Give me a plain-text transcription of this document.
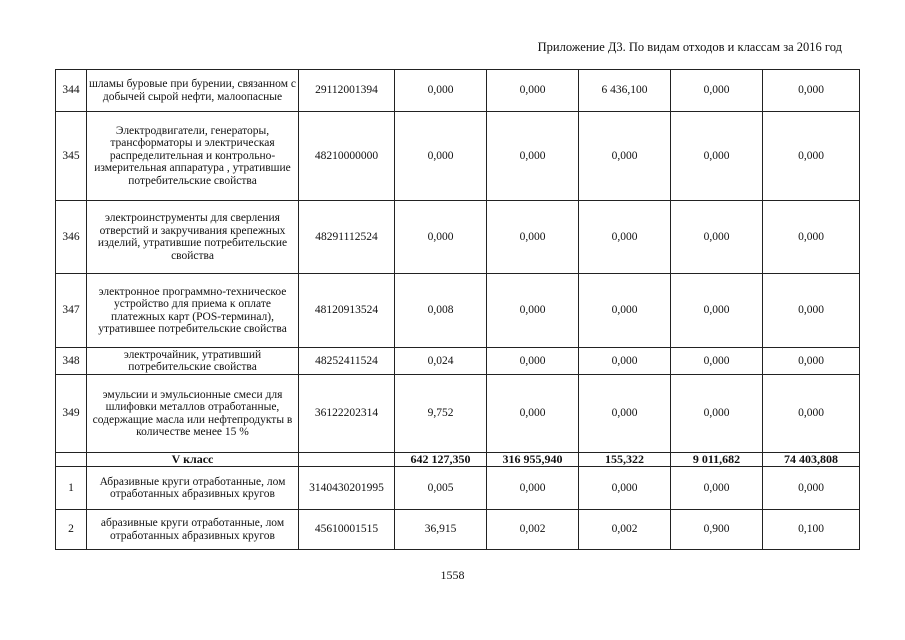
Приложение Д3. По видам отходов и классам за 2016 год
344	шламы буровые при бурении, связанном с добычей сырой нефти, малоопасные	29112001394	0,000	0,000	6 436,100	0,000	0,000
345	Электродвигатели, генераторы, трансформаторы и электрическая распределительная и контрольно-измерительная аппаратура , утратившие потребительские свойства	48210000000	0,000	0,000	0,000	0,000	0,000
346	электроинструменты для сверления отверстий и закручивания крепежных изделий, утратившие потребительские свойства	48291112524	0,000	0,000	0,000	0,000	0,000
347	электронное программно-техническое устройство для приема к оплате платежных карт (POS-терминал), утратившее потребительские свойства	48120913524	0,008	0,000	0,000	0,000	0,000
348	электрочайник, утративший потребительские свойства	48252411524	0,024	0,000	0,000	0,000	0,000
349	эмульсии и эмульсионные смеси для шлифовки металлов отработанные, содержащие масла или нефтепродукты в количестве менее 15 %	36122202314	9,752	0,000	0,000	0,000	0,000
	V класс		642 127,350	316 955,940	155,322	9 011,682	74 403,808
1	Абразивные круги отработанные, лом отработанных абразивных кругов	3140430201995	0,005	0,000	0,000	0,000	0,000
2	абразивные круги отработанные, лом отработанных абразивных кругов	45610001515	36,915	0,002	0,002	0,900	0,100
1558
